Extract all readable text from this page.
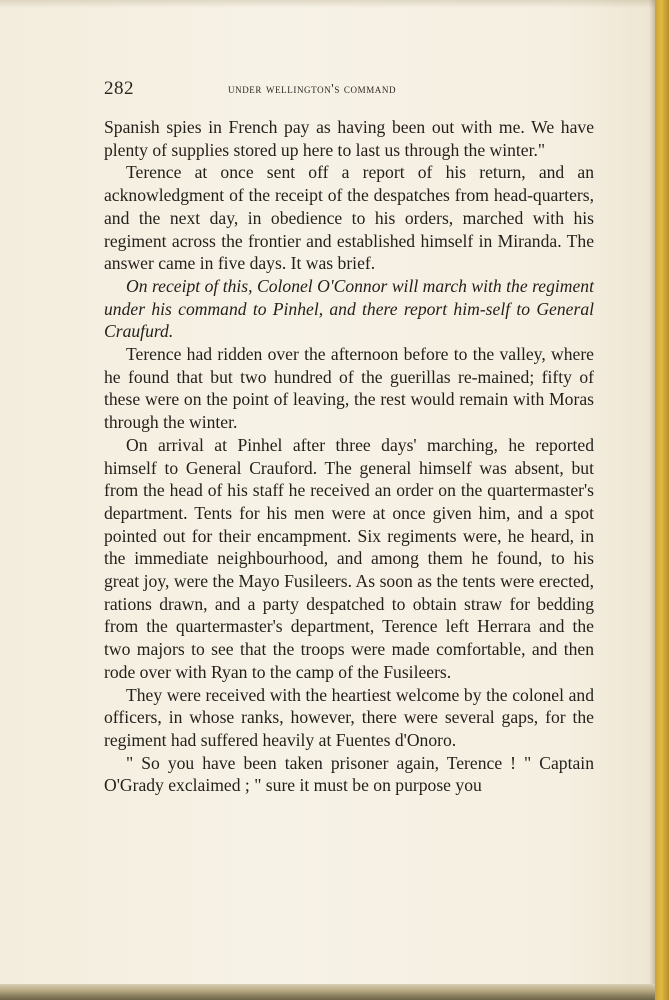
282	under wellington's command

Spanish spies in French pay as having been out with me. We have plenty of supplies stored up here to last us through the winter."

Terence at once sent off a report of his return, and an acknowledgment of the receipt of the despatches from head-quarters, and the next day, in obedience to his orders, marched with his regiment across the frontier and established himself in Miranda. The answer came in five days. It was brief.

On receipt of this, Colonel O'Connor will march with the regiment under his command to Pinhel, and there report him-self to General Craufurd.

Terence had ridden over the afternoon before to the valley, where he found that but two hundred of the guerillas re-mained; fifty of these were on the point of leaving, the rest would remain with Moras through the winter.

On arrival at Pinhel after three days' marching, he reported himself to General Crauford. The general himself was absent, but from the head of his staff he received an order on the quartermaster's department. Tents for his men were at once given him, and a spot pointed out for their encampment. Six regiments were, he heard, in the immediate neighbourhood, and among them he found, to his great joy, were the Mayo Fusileers. As soon as the tents were erected, rations drawn, and a party despatched to obtain straw for bedding from the quartermaster's department, Terence left Herrara and the two majors to see that the troops were made comfortable, and then rode over with Ryan to the camp of the Fusileers.

They were received with the heartiest welcome by the colonel and officers, in whose ranks, however, there were several gaps, for the regiment had suffered heavily at Fuentes d'Onoro.

" So you have been taken prisoner again, Terence ! " Captain O'Grady exclaimed ; " sure it must be on purpose you
